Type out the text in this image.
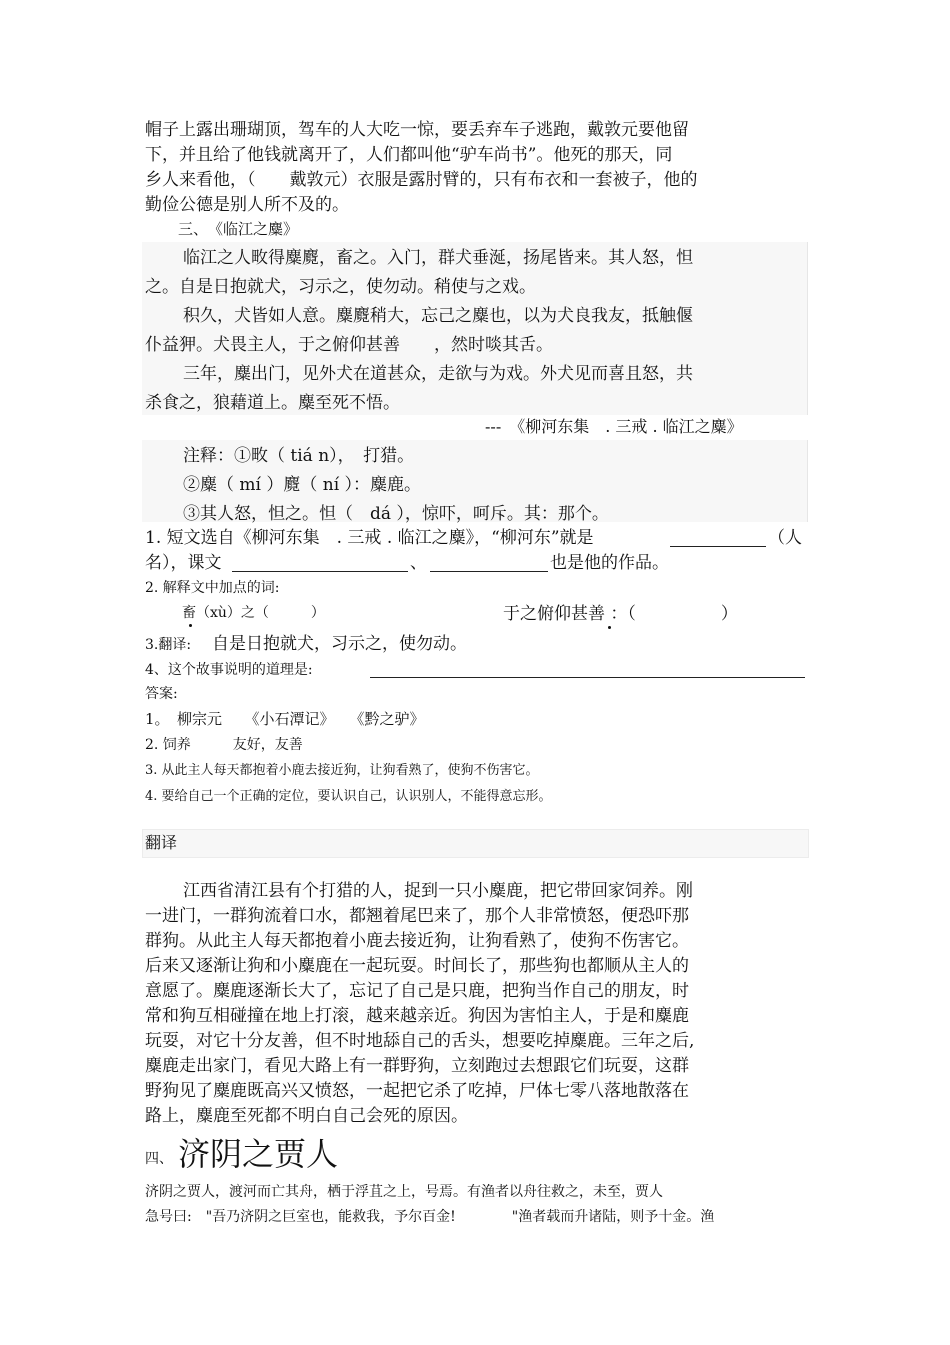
帽子上露出珊瑚顶，驾车的人大吃一惊，要丢弃车子逃跑，戴敦元要他留
下，并且给了他钱就离开了，人们都叫他“驴车尚书”。他死的那天，同
乡人来看他，（　　戴敦元）衣服是露肘臂的，只有布衣和一套被子，他的
勤俭公德是别人所不及的。
三、　《临江之麋》
临江之人畋得麋麑，畜之。入门，群犬垂涎，扬尾皆来。其人怒，怛
之。自是日抱就犬，习示之，使勿动。稍使与之戏。
积久，犬皆如人意。麋麑稍大，忘己之麋也，以为犬良我友，抵触偃
仆益狎。犬畏主人，于之俯仰甚善　　，然时啖其舌。
三年，麋出门，见外犬在道甚众，走欲与为戏。外犬见而喜且怒，共
杀食之，狼藉道上。麋至死不悟。
---　《柳河东集　. 三戒 . 临江之麋》
注释：①畋（ tiá n），　打猎。
②麋（ mí ）麑（ ní ）：麋鹿。
③其人怒，怛之。怛（　dá ），惊吓，呵斥。其：那个。
1. 短文选自《柳河东集　. 三戒 . 临江之麋》，“柳河东”就是	（人
名），课文	、	也是他的作品。
2. 解释文中加点的词:
畜（xù）之（　　　）	于之俯仰甚善 ：（　　　　　）
3.翻译: 自是日抱就犬，习示之，使勿动。
4、这个故事说明的道理是:
答案:
1。　柳宗元　　《小石潭记》　　《黔之驴》
2. 饲养　　　友好，友善
3. 从此主人每天都抱着小鹿去接近狗，让狗看熟了，使狗不伤害它。
4. 要给自己一个正确的定位，要认识自己，认识别人，不能得意忘形。
翻译
江西省清江县有个打猎的人，捉到一只小麋鹿，把它带回家饲养。刚
一进门，一群狗流着口水，都翘着尾巴来了，那个人非常愤怒，便恐吓那
群狗。从此主人每天都抱着小鹿去接近狗，让狗看熟了，使狗不伤害它。
后来又逐渐让狗和小麋鹿在一起玩耍。时间长了，那些狗也都顺从主人的
意愿了。麋鹿逐渐长大了，忘记了自己是只鹿，把狗当作自己的朋友，时
常和狗互相碰撞在地上打滚，越来越亲近。狗因为害怕主人，于是和麋鹿
玩耍，对它十分友善，但不时地舔自己的舌头，想要吃掉麋鹿。三年之后,
麋鹿走出家门，看见大路上有一群野狗，立刻跑过去想跟它们玩耍，这群
野狗见了麋鹿既高兴又愤怒，一起把它杀了吃掉，尸体七零八落地散落在
路上，麋鹿至死都不明白自己会死的原因。
四、 济阴之贾人
济阴之贾人，渡河而亡其舟，栖于浮苴之上，号焉。有渔者以舟往救之，未至，贾人
急号曰:　"吾乃济阴之巨室也，能救我，予尔百金!　　　　"渔者载而升诸陆，则予十金。渔
